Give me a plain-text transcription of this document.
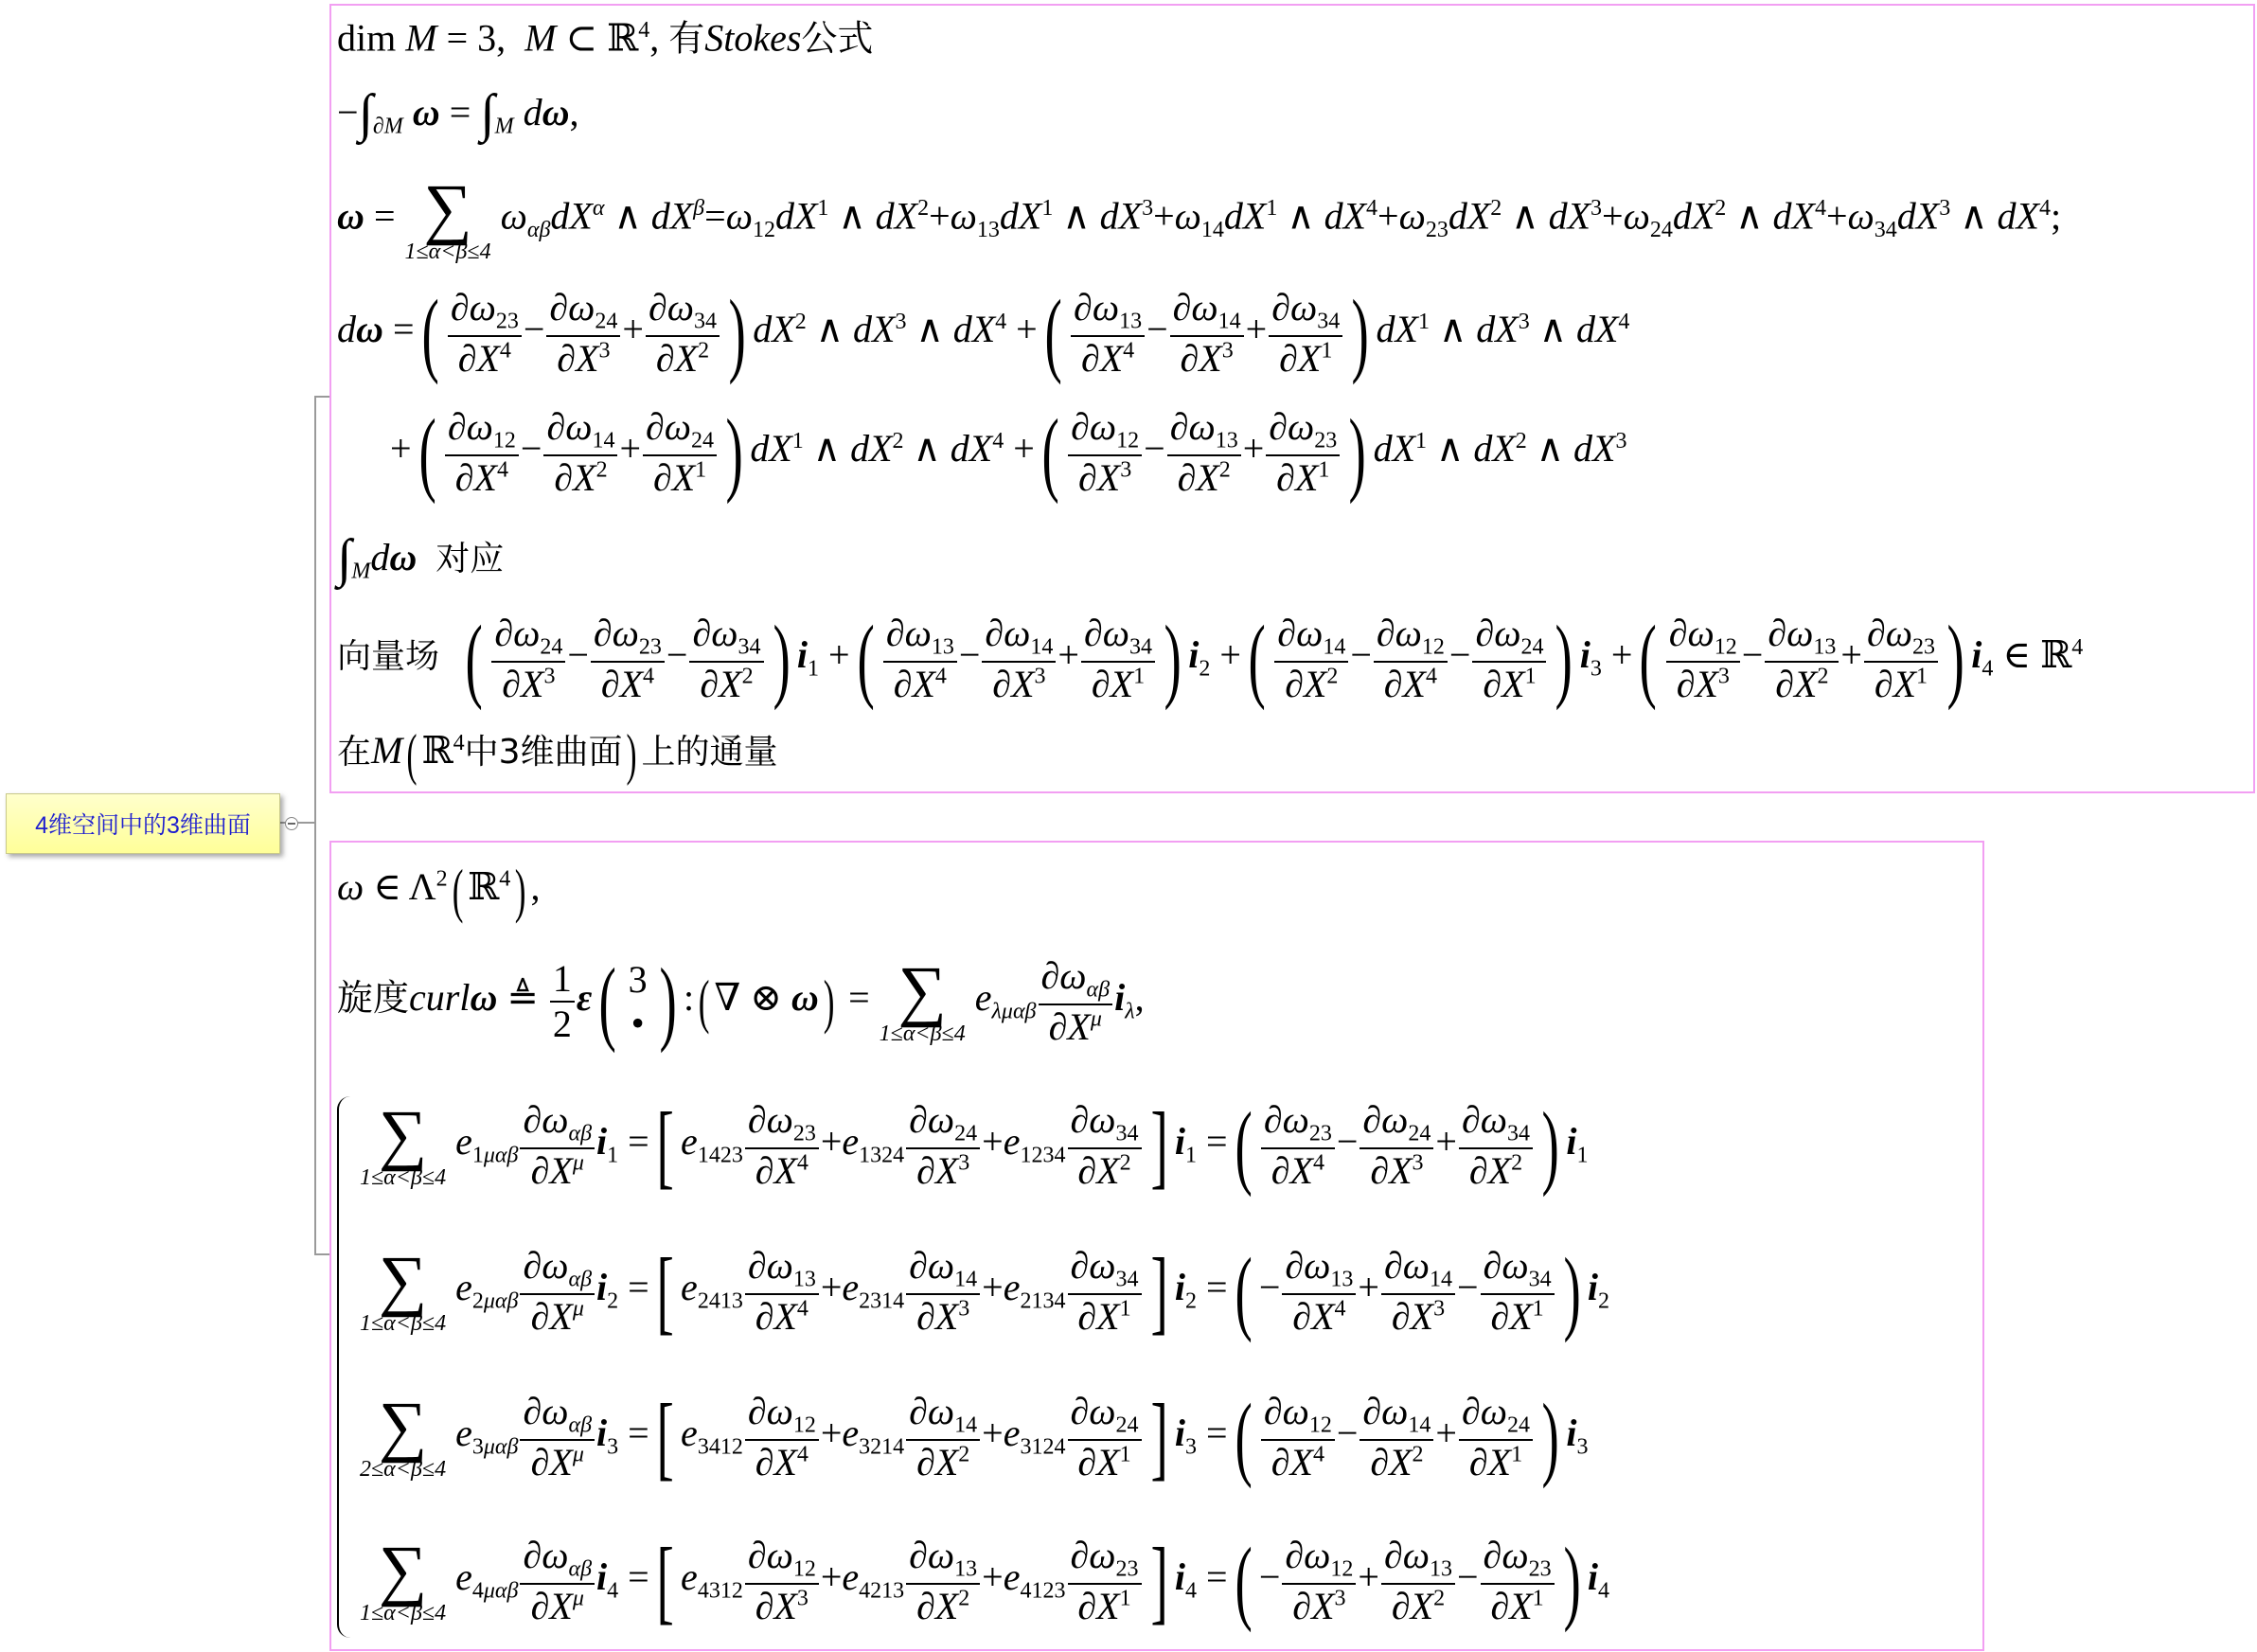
4维空间中的3维曲面
dim M = 3,  M ⊂ ℝ$^4$, 有Stokes公式
$-\int_{\partial M}$ $\omega = \int_M$ dω,
ω = ∑
1≤α<β≤4
$\omega_{\alpha\beta}dX^\alpha$ ∧ $dX^\beta=\omega_{12}dX^1$ ∧ $dX^2+\omega_{13}dX^1$ ∧ $dX^3+\omega_{14}dX^1$ ∧ $dX^4+\omega_{23}dX^2$ ∧ $dX^3+\omega_{24}dX^2$ ∧ $dX^4+\omega_{34}dX^3$ ∧ $dX^4$;
dω =( $\frac{\partial\omega_{23}}{\partial X^4} - \frac{\partial\omega_{24}}{\partial X^3} + \frac{\partial\omega_{34}}{\partial X^2}$ ) $dX^2$ ∧ $dX^3$ ∧ $dX^4$ +( $\frac{\partial\omega_{13}}{\partial X^4} - \frac{\partial\omega_{14}}{\partial X^3} + \frac{\partial\omega_{34}}{\partial X^1}$ ) $dX^1$ ∧ $dX^3$ ∧ $dX^4$
+( $\frac{\partial\omega_{12}}{\partial X^4} - \frac{\partial\omega_{14}}{\partial X^2} + \frac{\partial\omega_{24}}{\partial X^1}$ ) $dX^1$ ∧ $dX^2$ ∧ $dX^4$ +( $\frac{\partial\omega_{12}}{\partial X^3} - \frac{\partial\omega_{13}}{\partial X^2} + \frac{\partial\omega_{23}}{\partial X^1}$ ) $dX^1$ ∧ $dX^2$ ∧ $dX^3$
$\int_Md\omega$ 对应
向量场 ( $\frac{\partial\omega_{24}}{\partial X^3} - \frac{\partial\omega_{23}}{\partial X^4} - \frac{\partial\omega_{34}}{\partial X^2}$ ) $i_1$ +( $\frac{\partial\omega_{13}}{\partial X^4} - \frac{\partial\omega_{14}}{\partial X^3} + \frac{\partial\omega_{34}}{\partial X^1}$ ) $i_2$ +( $\frac{\partial\omega_{14}}{\partial X^2} - \frac{\partial\omega_{12}}{\partial X^4} - \frac{\partial\omega_{24}}{\partial X^1}$ ) $i_3$ +( $\frac{\partial\omega_{12}}{\partial X^3} - \frac{\partial\omega_{13}}{\partial X^2} + \frac{\partial\omega_{23}}{\partial X^1}$ ) $i_4$ ∈ ℝ$^4$
在M( ℝ$^4$中3维曲面) 上的通量
ω ∈ $\Lambda^2$( ℝ$^4$) ,
旋度curlω ≜ $\frac{1}{2} \varepsilon$( 3
• ) :( ∇ ⊗ ω) = ∑
1≤α<β≤4
$e_{\lambda\mu\alpha\beta} \frac{\partial\omega_{\alpha\beta}}{\partial X^\mu} i_\lambda$,
∑
1≤α<β≤4
$e_{1\mu\alpha\beta} \frac{\partial\omega_{\alpha\beta}}{\partial X^\mu} i_1$ =[ $e_{1423} \frac{\partial\omega_{23}}{\partial X^4} +e_{1324} \frac{\partial\omega_{24}}{\partial X^3} +e_{1234} \frac{\partial\omega_{34}}{\partial X^2}$ ] $i_1$ =( $\frac{\partial\omega_{23}}{\partial X^4} - \frac{\partial\omega_{24}}{\partial X^3} + \frac{\partial\omega_{34}}{\partial X^2}$ ) $i_1$
∑
1≤α<β≤4
$e_{2\mu\alpha\beta} \frac{\partial\omega_{\alpha\beta}}{\partial X^\mu} i_2$ =[ $e_{2413} \frac{\partial\omega_{13}}{\partial X^4} +e_{2314} \frac{\partial\omega_{14}}{\partial X^3} +e_{2134} \frac{\partial\omega_{34}}{\partial X^1}$ ] $i_2$ =( − $\frac{\partial\omega_{13}}{\partial X^4} + \frac{\partial\omega_{14}}{\partial X^3} - \frac{\partial\omega_{34}}{\partial X^1}$ ) $i_2$
∑
2≤α<β≤4
$e_{3\mu\alpha\beta} \frac{\partial\omega_{\alpha\beta}}{\partial X^\mu} i_3$ =[ $e_{3412} \frac{\partial\omega_{12}}{\partial X^4} +e_{3214} \frac{\partial\omega_{14}}{\partial X^2} +e_{3124} \frac{\partial\omega_{24}}{\partial X^1}$ ] $i_3$ =( $\frac{\partial\omega_{12}}{\partial X^4} - \frac{\partial\omega_{14}}{\partial X^2} + \frac{\partial\omega_{24}}{\partial X^1}$ ) $i_3$
∑
1≤α<β≤4
$e_{4\mu\alpha\beta} \frac{\partial\omega_{\alpha\beta}}{\partial X^\mu} i_4$ =[ $e_{4312} \frac{\partial\omega_{12}}{\partial X^3} +e_{4213} \frac{\partial\omega_{13}}{\partial X^2} +e_{4123} \frac{\partial\omega_{23}}{\partial X^1}$ ] $i_4$ =( − $\frac{\partial\omega_{12}}{\partial X^3} + \frac{\partial\omega_{13}}{\partial X^2} - \frac{\partial\omega_{23}}{\partial X^1}$ ) $i_4$
